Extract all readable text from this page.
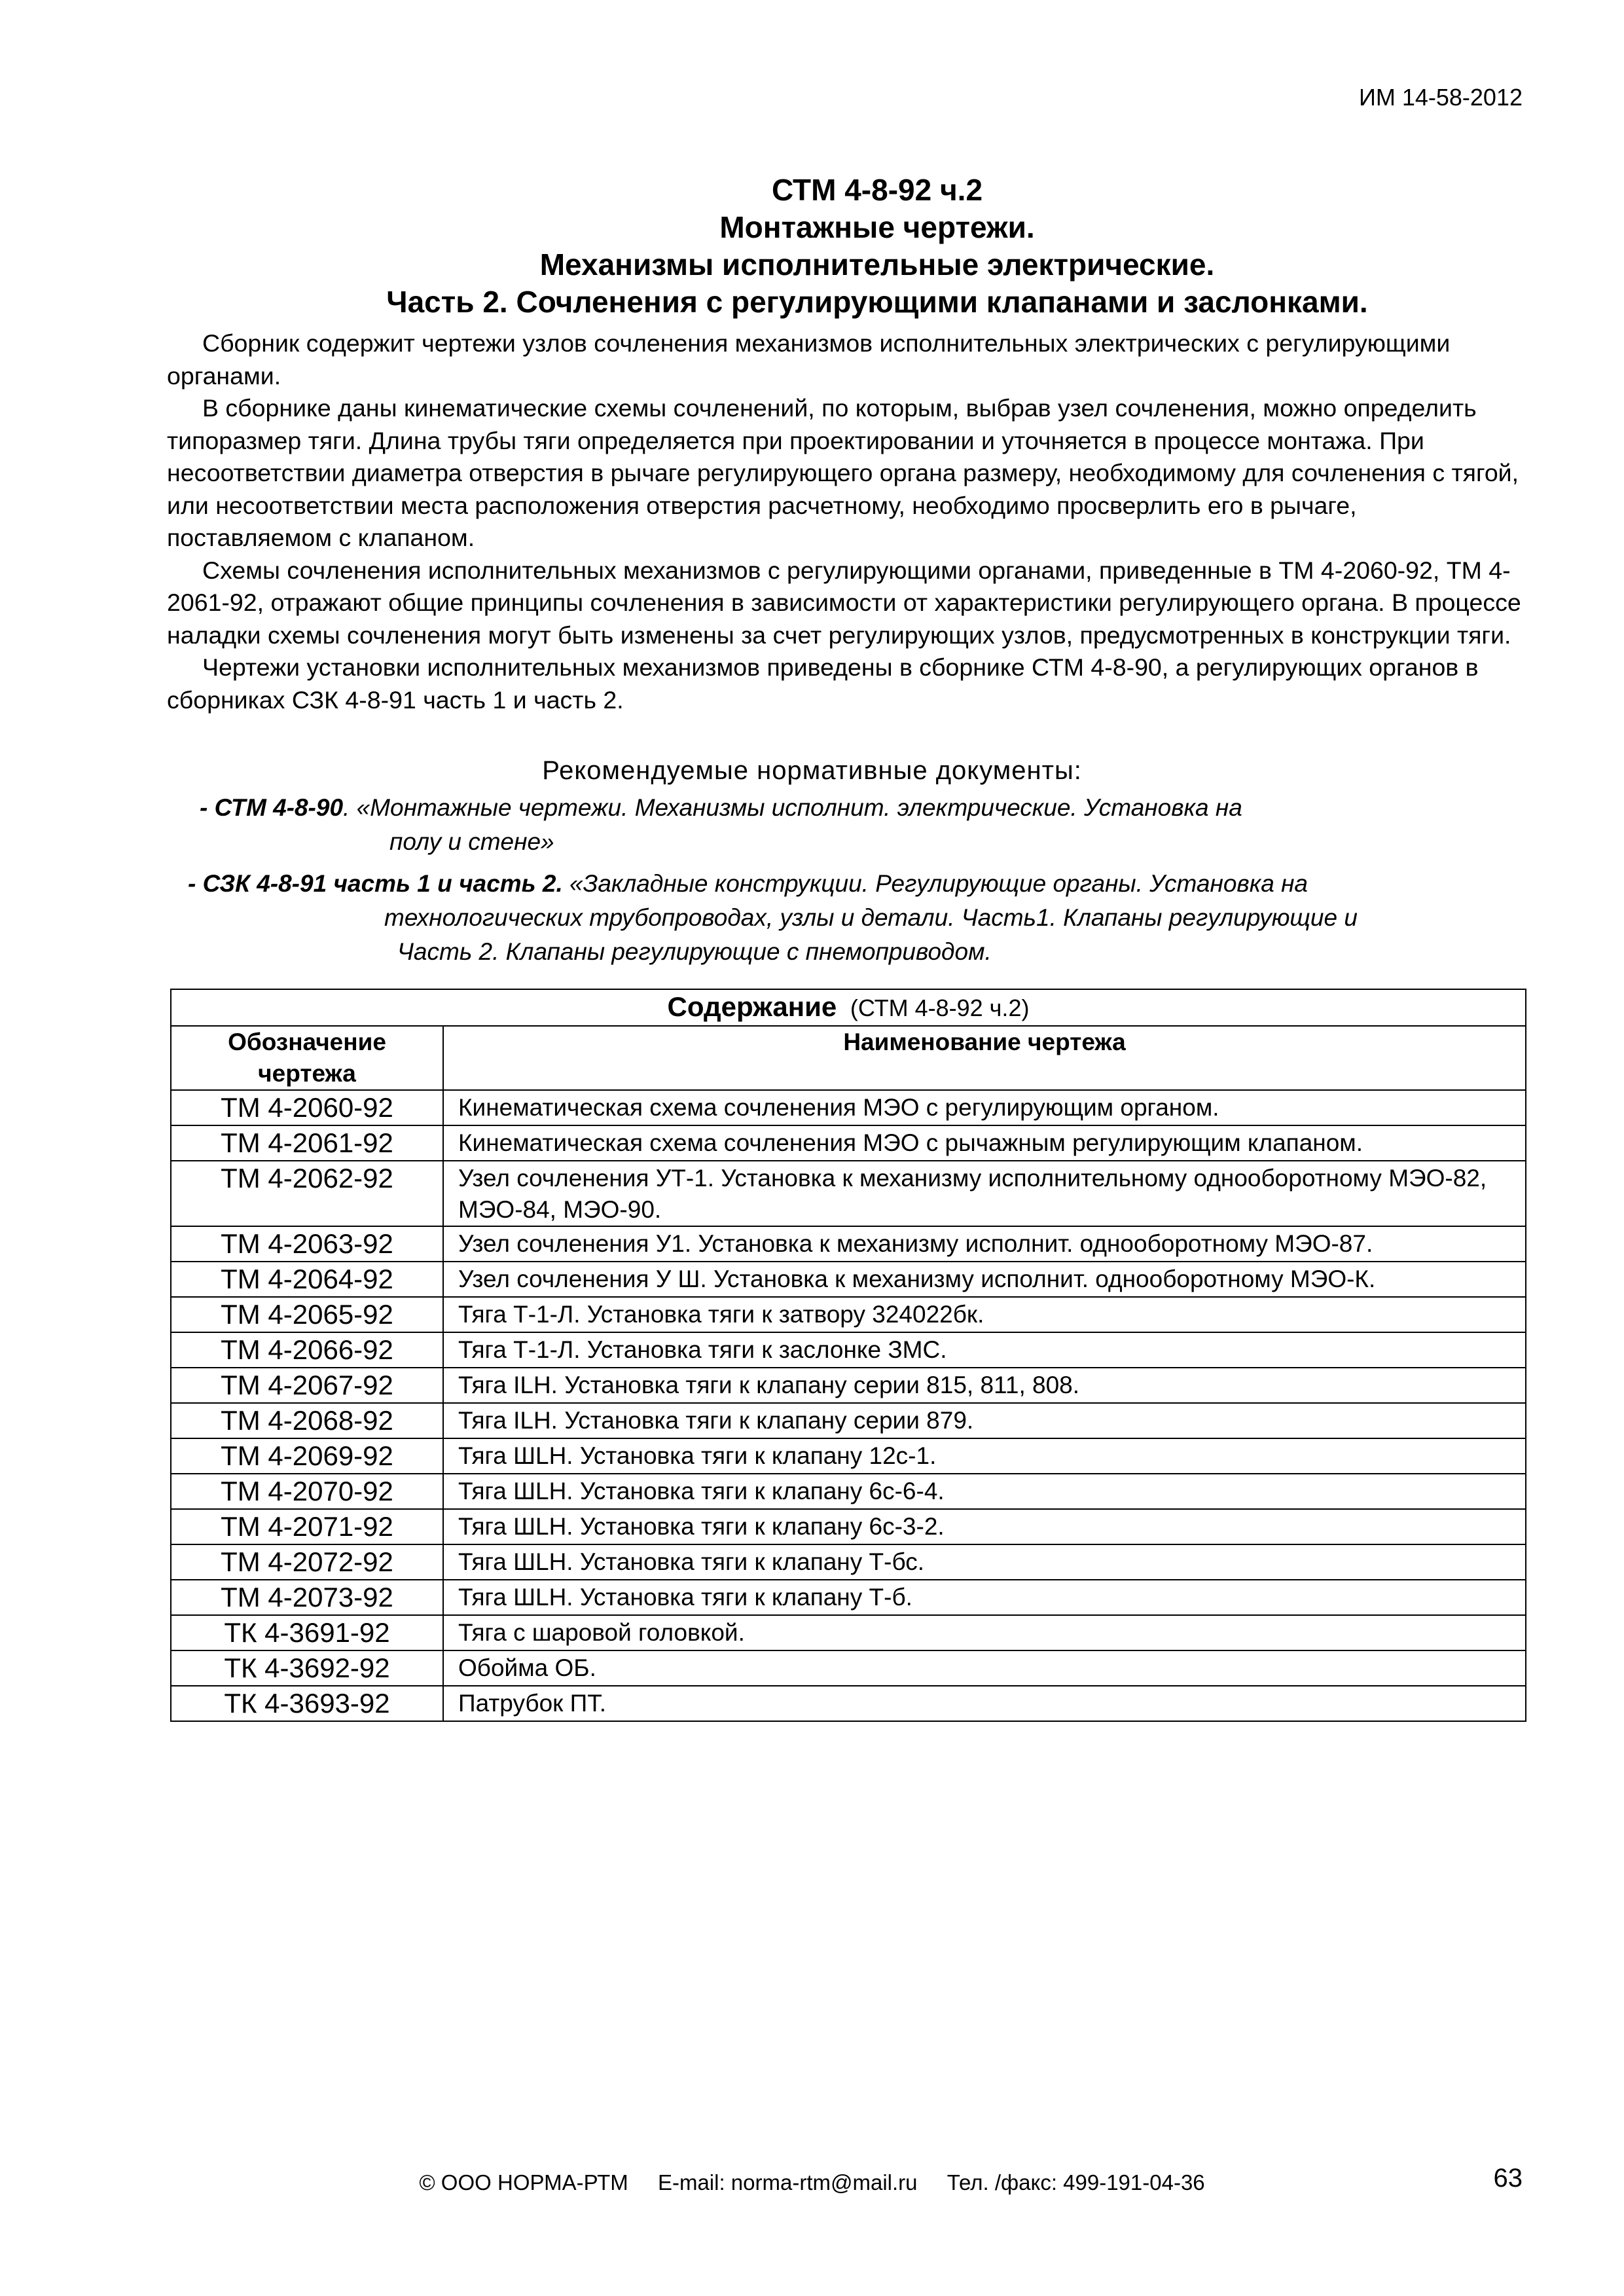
ИМ 14-58-2012
СТМ 4-8-92 ч.2
Монтажные чертежи.
Механизмы исполнительные электрические.
Часть 2. Сочленения с регулирующими клапанами и заслонками.

Сборник содержит чертежи узлов сочленения механизмов исполнительных электрических с регулирующими органами.

В сборнике даны кинематические схемы сочленений, по которым, выбрав узел сочленения, можно определить типоразмер тяги. Длина трубы тяги определяется при проектировании и уточняется в процессе монтажа. При несоответствии диаметра отверстия в рычаге регулирующего органа размеру, необходимому для сочленения с тягой, или несоответствии места расположения отверстия расчетному, необходимо просверлить его в рычаге, поставляемом с клапаном.

Схемы сочленения исполнительных механизмов с регулирующими органами, приведенные в ТМ 4-2060-92, ТМ 4-2061-92, отражают общие принципы сочленения в зависимости от характеристики регулирующего органа. В процессе наладки схемы сочленения могут быть изменены за счет регулирующих узлов, предусмотренных в конструкции тяги.

Чертежи установки исполнительных механизмов приведены в сборнике СТМ 4-8-90, а регулирующих органов в сборниках СЗК 4-8-91 часть 1 и часть 2.

Рекомендуемые нормативные документы:
- СТМ 4-8-90. «Монтажные чертежи. Механизмы исполнит. электрические. Установка на
полу и стене»
- СЗК 4-8-91 часть 1 и часть 2. «Закладные конструкции. Регулирующие органы. Установка на
технологических трубопроводах, узлы и детали. Часть1. Клапаны регулирующие и
Часть 2. Клапаны регулирующие с пнемоприводом.
Содержание (СТМ 4-8-92 ч.2)	
Обозначение чертежа	Наименование чертежа
ТМ 4-2060-92	Кинематическая схема сочленения МЭО с регулирующим органом.
ТМ 4-2061-92	Кинематическая схема сочленения МЭО с рычажным регулирующим клапаном.
ТМ 4-2062-92	Узел сочленения УТ-1. Установка к механизму исполнительному однооборотному МЭО-82, МЭО-84, МЭО-90.
ТМ 4-2063-92	Узел сочленения У1. Установка к механизму исполнит. однооборотному МЭО-87.
ТМ 4-2064-92	Узел сочленения У Ш. Установка к механизму исполнит. однооборотному МЭО-К.
ТМ 4-2065-92	Тяга Т-1-Л. Установка тяги к затвору 324022бк.
ТМ 4-2066-92	Тяга Т-1-Л. Установка тяги к заслонке ЗМС.
ТМ 4-2067-92	Тяга ILН. Установка тяги к клапану серии 815, 811, 808.
ТМ 4-2068-92	Тяга ILН. Установка тяги к клапану серии 879.
ТМ 4-2069-92	Тяга ШLН. Установка тяги к клапану 12с-1.
ТМ 4-2070-92	Тяга ШLН. Установка тяги к клапану 6с-6-4.
ТМ 4-2071-92	Тяга ШLН. Установка тяги к клапану 6с-3-2.
ТМ 4-2072-92	Тяга ШLН. Установка тяги к клапану Т-бс.
ТМ 4-2073-92	Тяга ШLН. Установка тяги к клапану Т-б.
ТК 4-3691-92	Тяга с шаровой головкой.
ТК 4-3692-92	Обойма ОБ.
ТК 4-3693-92	Патрубок ПТ.
© ООО НОРМА-РТМ E-mail: norma-rtm@mail.ru Тел. /факс: 499-191-04-36	63
